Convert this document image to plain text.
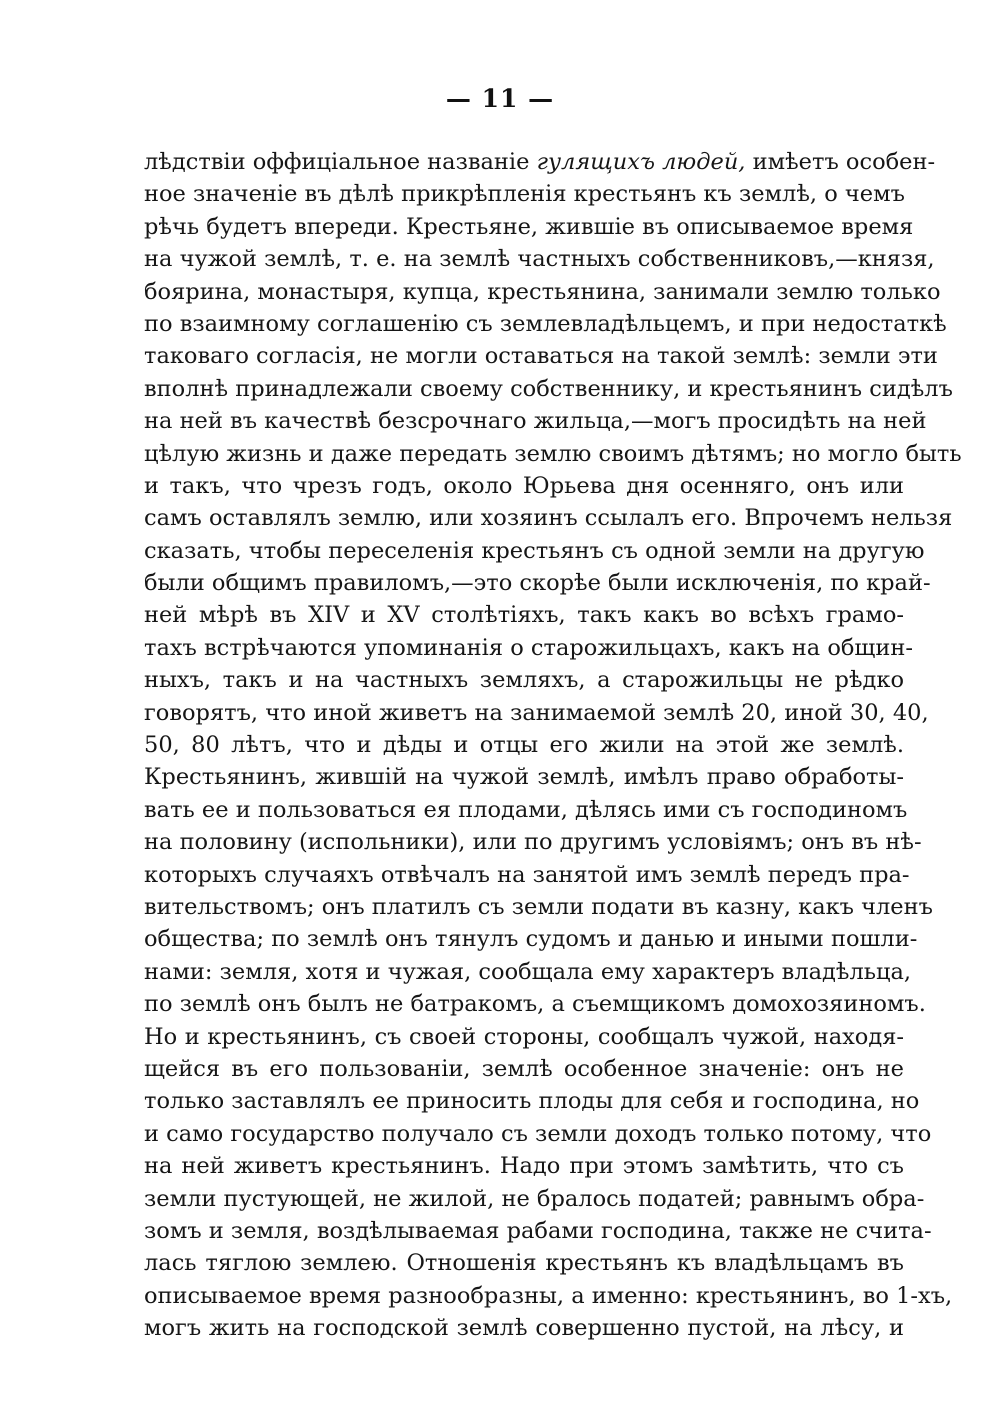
— 11 —
лѣдствіи оффиціальное названіе гулящихъ людей, имѣетъ особен-
ное значеніе въ дѣлѣ прикрѣпленія крестьянъ къ землѣ, о чемъ
рѣчь будетъ впереди. Крестьяне, жившіе въ описываемое время
на чужой землѣ, т. е. на землѣ частныхъ собственниковъ,—князя,
боярина, монастыря, купца, крестьянина, занимали землю только
по взаимному соглашенію съ землевладѣльцемъ, и при недостаткѣ
таковаго согласія, не могли оставаться на такой землѣ: земли эти
вполнѣ принадлежали своему собственнику, и крестьянинъ сидѣлъ
на ней въ качествѣ безсрочнаго жильца,—могъ просидѣть на ней
цѣлую жизнь и даже передать землю своимъ дѣтямъ; но могло быть
и такъ, что чрезъ годъ, около Юрьева дня осенняго, онъ или
самъ оставлялъ землю, или хозяинъ ссылалъ его. Впрочемъ нельзя
сказать, чтобы переселенія крестьянъ съ одной земли на другую
были общимъ правиломъ,—это скорѣе были исключенія, по край-
ней мѣрѣ въ XIV и XV столѣтіяхъ, такъ какъ во всѣхъ грамо-
тахъ встрѣчаются упоминанія о старожильцахъ, какъ на общин-
ныхъ, такъ и на частныхъ земляхъ, а старожильцы не рѣдко
говорятъ, что иной живетъ на занимаемой землѣ 20, иной 30, 40,
50, 80 лѣтъ, что и дѣды и отцы его жили на этой же землѣ.
Крестьянинъ, жившій на чужой землѣ, имѣлъ право обработы-
вать ее и пользоваться ея плодами, дѣлясь ими съ господиномъ
на половину (испольники), или по другимъ условіямъ; онъ въ нѣ-
которыхъ случаяхъ отвѣчалъ на занятой имъ землѣ передъ пра-
вительствомъ; онъ платилъ съ земли подати въ казну, какъ членъ
общества; по землѣ онъ тянулъ судомъ и данью и иными пошли-
нами: земля, хотя и чужая, сообщала ему характеръ владѣльца,
по землѣ онъ былъ не батракомъ, а съемщикомъ домохозяиномъ.
Но и крестьянинъ, съ своей стороны, сообщалъ чужой, находя-
щейся въ его пользованіи, землѣ особенное значеніе: онъ не
только заставлялъ ее приносить плоды для себя и господина, но
и само государство получало съ земли доходъ только потому, что
на ней живетъ крестьянинъ. Надо при этомъ замѣтить, что съ
земли пустующей, не жилой, не бралось податей; равнымъ обра-
зомъ и земля, воздѣлываемая рабами господина, также не счита-
лась тяглою землею. Отношенія крестьянъ къ владѣльцамъ въ
описываемое время разнообразны, а именно: крестьянинъ, во 1-хъ,
могъ жить на господской землѣ совершенно пустой, на лѣсу, и
